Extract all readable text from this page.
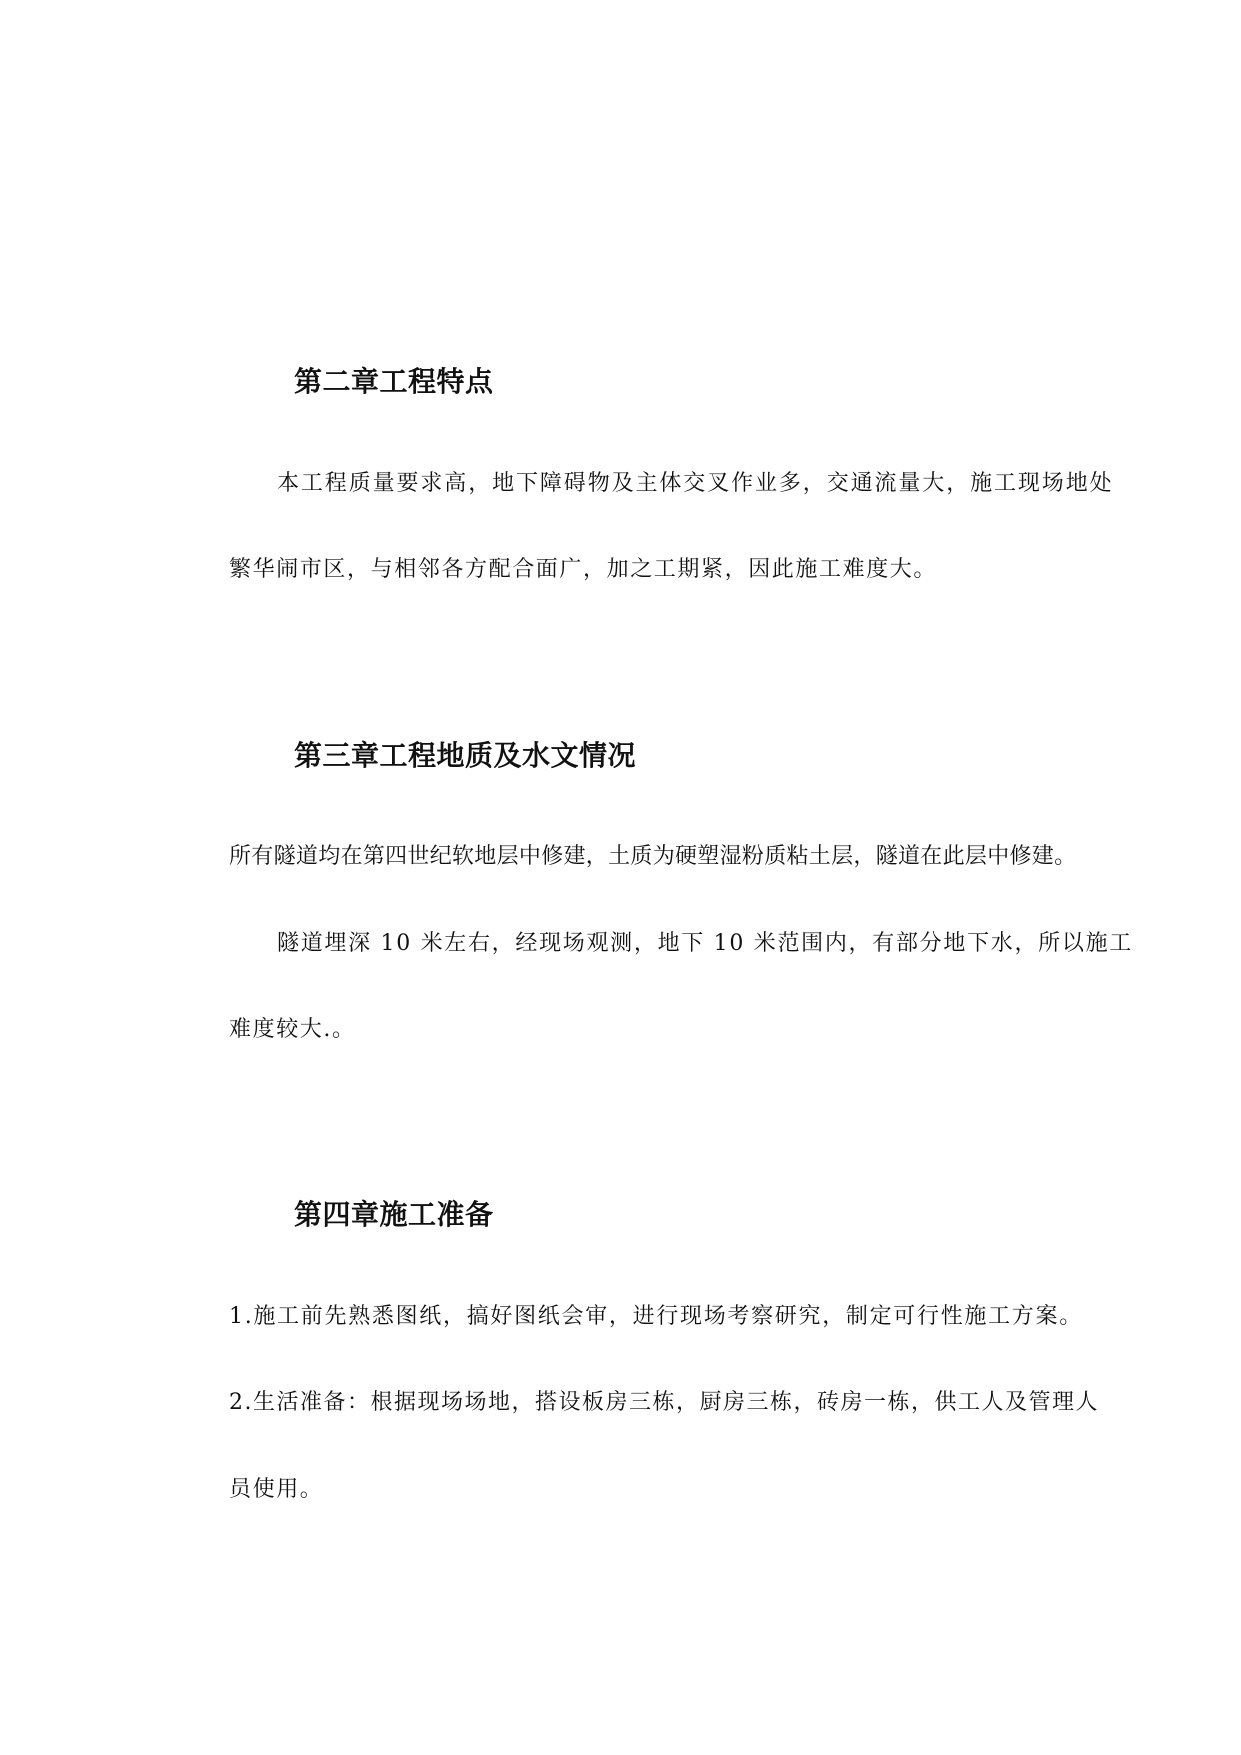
第二章工程特点
本工程质量要求高，地下障碍物及主体交叉作业多，交通流量大，施工现场地处
繁华闹市区，与相邻各方配合面广，加之工期紧，因此施工难度大。
第三章工程地质及水文情况
所有隧道均在第四世纪软地层中修建，土质为硬塑湿粉质粘土层，隧道在此层中修建。
隧道埋深 10 米左右，经现场观测，地下 10 米范围内，有部分地下水，所以施工
难度较大.。
第四章施工准备
1.施工前先熟悉图纸，搞好图纸会审，进行现场考察研究，制定可行性施工方案。
2.生活准备：根据现场场地，搭设板房三栋，厨房三栋，砖房一栋，供工人及管理人
员使用。
